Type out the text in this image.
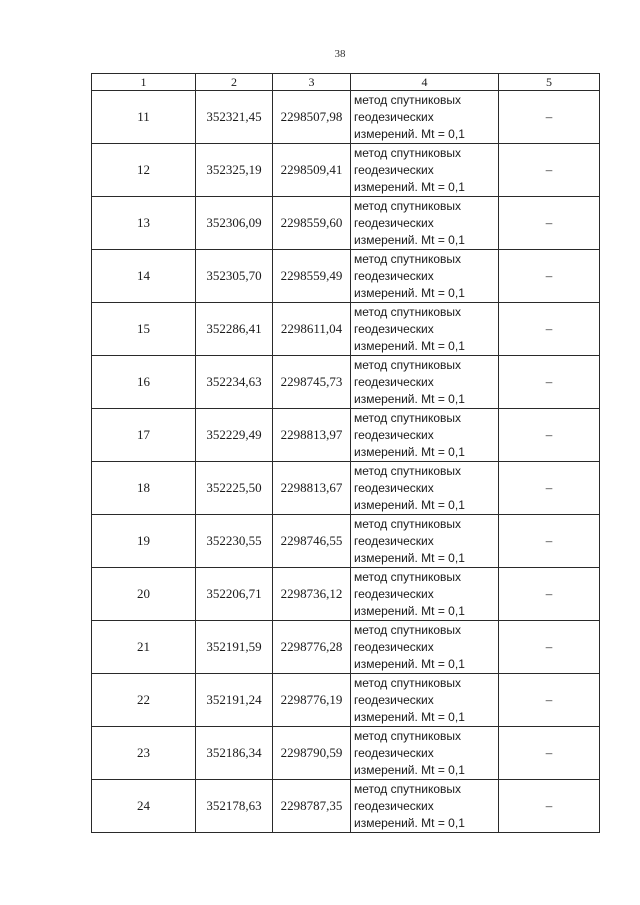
38
1	2	3	4	5
11	352321,45	2298507,98	метод спутниковых
геодезических
измерений. Mt = 0,1	–
12	352325,19	2298509,41	метод спутниковых
геодезических
измерений. Mt = 0,1	–
13	352306,09	2298559,60	метод спутниковых
геодезических
измерений. Mt = 0,1	–
14	352305,70	2298559,49	метод спутниковых
геодезических
измерений. Mt = 0,1	–
15	352286,41	2298611,04	метод спутниковых
геодезических
измерений. Mt = 0,1	–
16	352234,63	2298745,73	метод спутниковых
геодезических
измерений. Mt = 0,1	–
17	352229,49	2298813,97	метод спутниковых
геодезических
измерений. Mt = 0,1	–
18	352225,50	2298813,67	метод спутниковых
геодезических
измерений. Mt = 0,1	–
19	352230,55	2298746,55	метод спутниковых
геодезических
измерений. Mt = 0,1	–
20	352206,71	2298736,12	метод спутниковых
геодезических
измерений. Mt = 0,1	–
21	352191,59	2298776,28	метод спутниковых
геодезических
измерений. Mt = 0,1	–
22	352191,24	2298776,19	метод спутниковых
геодезических
измерений. Mt = 0,1	–
23	352186,34	2298790,59	метод спутниковых
геодезических
измерений. Mt = 0,1	–
24	352178,63	2298787,35	метод спутниковых
геодезических
измерений. Mt = 0,1	–
